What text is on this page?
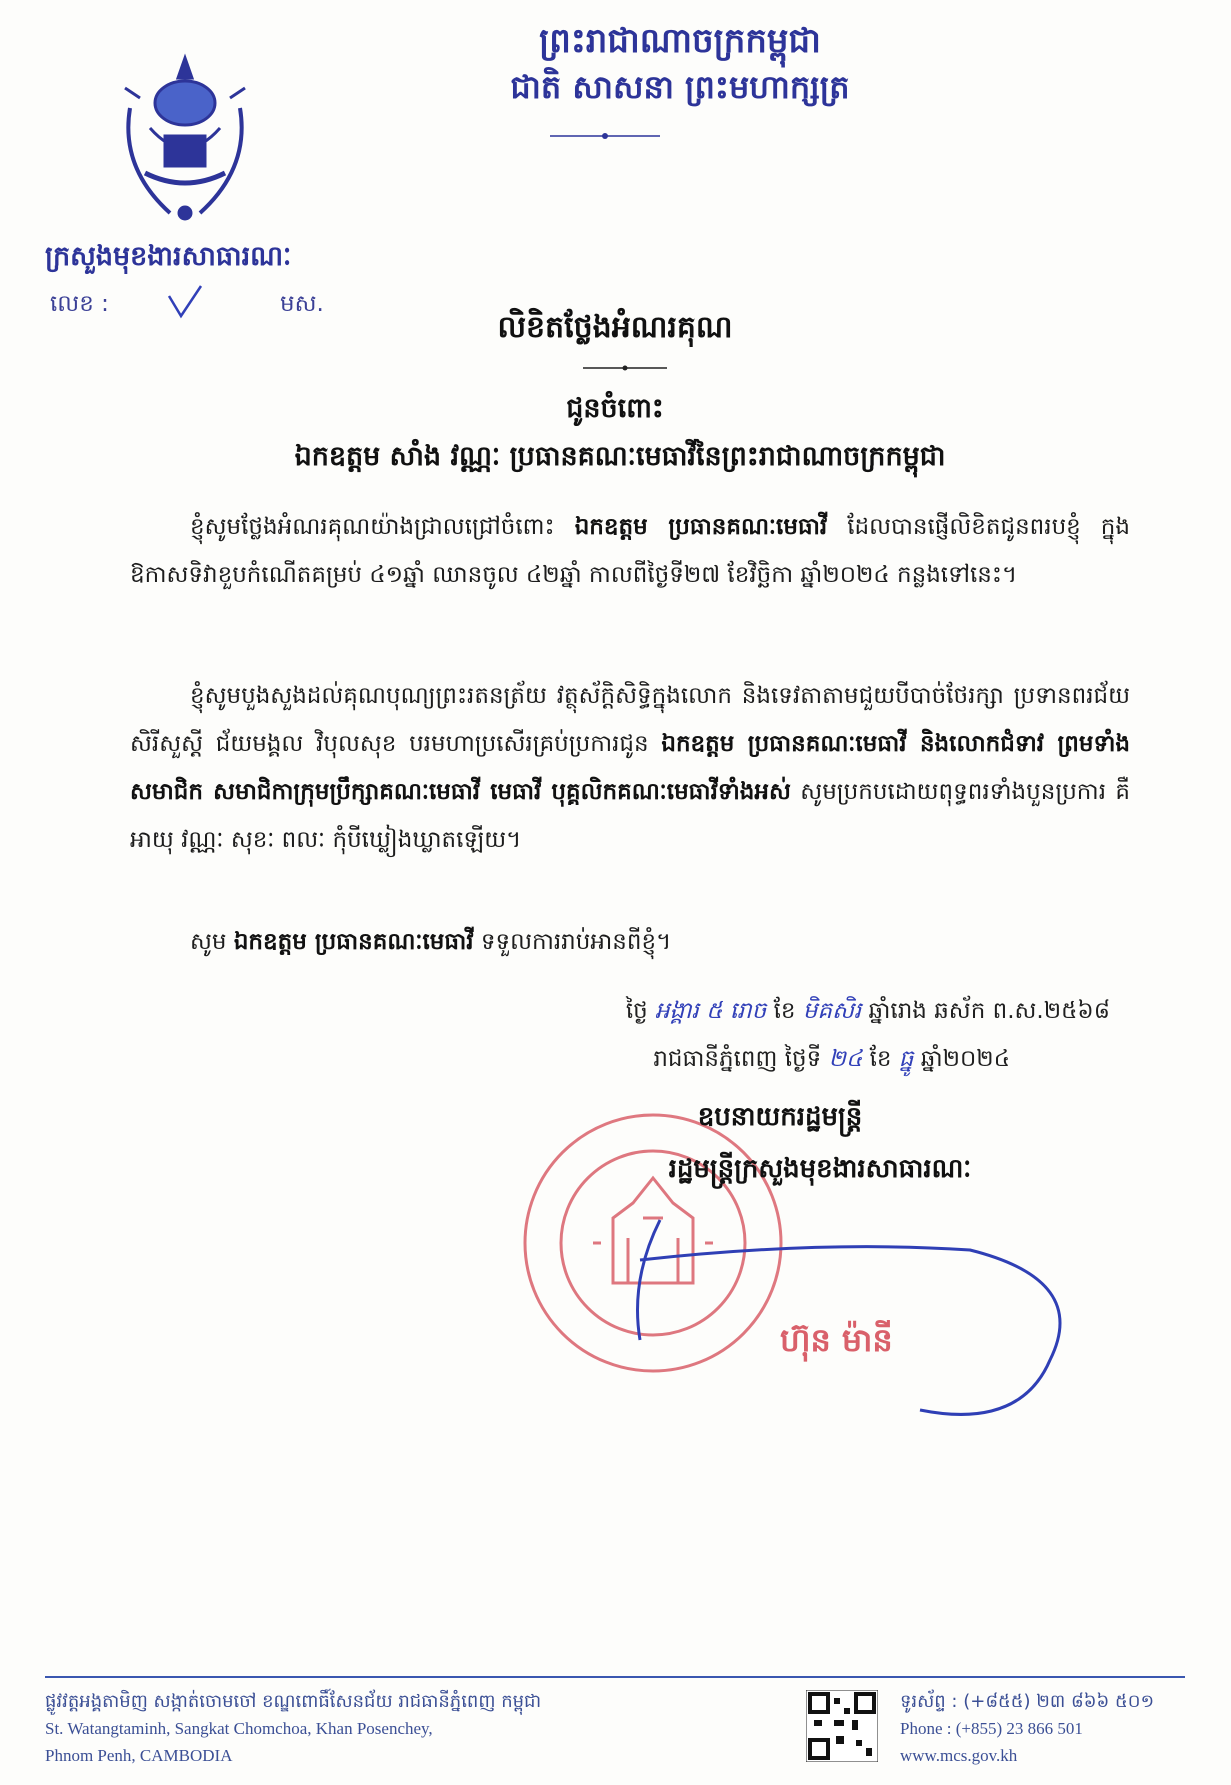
ព្រះរាជាណាចក្រកម្ពុជា
ជាតិ សាសនា ព្រះមហាក្សត្រ
ក្រសួងមុខងារសាធារណៈ
លេខ :	មស.
លិខិតថ្លែងអំណរគុណ
ជូនចំពោះ
ឯកឧត្តម សាំង វណ្ណៈ ប្រធានគណៈមេធាវីនៃព្រះរាជាណាចក្រកម្ពុជា
ខ្ញុំសូមថ្លែងអំណរគុណយ៉ាងជ្រាលជ្រៅចំពោះ ឯកឧត្តម ប្រធានគណៈមេធាវី ដែលបានផ្ញើលិខិតជូនពរបខ្ញុំ ក្នុងឱកាសទិវាខួបកំណើតគម្រប់ ៤១ឆ្នាំ ឈានចូល ៤២ឆ្នាំ កាលពីថ្ងៃទី២៧ ខែវិច្ឆិកា ឆ្នាំ២០២៤ កន្លងទៅនេះ។
ខ្ញុំសូមបួងសួងដល់គុណបុណ្យព្រះរតនត្រ័យ វត្ថុស័ក្តិសិទ្ធិក្នុងលោក និងទេវតាតាមជួយបីបាច់ថែរក្សា ប្រទានពរជ័យ សិរីសួស្តី ជ័យមង្គល វិបុលសុខ បរមហាប្រសើរគ្រប់ប្រការជូន ឯកឧត្តម ប្រធានគណៈមេធាវី និងលោកជំទាវ ព្រមទាំងសមាជិក សមាជិកាក្រុមប្រឹក្សាគណៈមេធាវី មេធាវី បុគ្គលិកគណៈមេធាវីទាំងអស់ សូមប្រកបដោយពុទ្ធពរទាំងបួនប្រការ គឺ អាយុ វណ្ណៈ សុខៈ ពលៈ កុំបីឃ្លៀងឃ្លាតឡើយ។
សូម ឯកឧត្តម ប្រធានគណៈមេធាវី ទទួលការរាប់អានពីខ្ញុំ។
ថ្ងៃ អង្គារ ៥ រោច ខែ មិគសិរ ឆ្នាំរោង ឆស័ក ព.ស.២៥៦៨
រាជធានីភ្នំពេញ ថ្ងៃទី ២៤ ខែ ធ្នូ ឆ្នាំ២០២៤
ឧបនាយករដ្ឋមន្ត្រី
រដ្ឋមន្ត្រីក្រសួងមុខងារសាធារណៈ
ហ៊ុន ម៉ានី
ផ្លូវវត្តអង្គតាមិញ សង្កាត់ចោមចៅ ខណ្ឌពោធិ៍សែនជ័យ រាជធានីភ្នំពេញ កម្ពុជា
St. Watangtaminh, Sangkat Chomchoa, Khan Posenchey,
Phnom Penh, CAMBODIA
ទូរស័ព្ទ : (+៨៥៥) ២៣ ៨៦៦ ៥០១
Phone : (+855) 23 866 501
www.mcs.gov.kh
